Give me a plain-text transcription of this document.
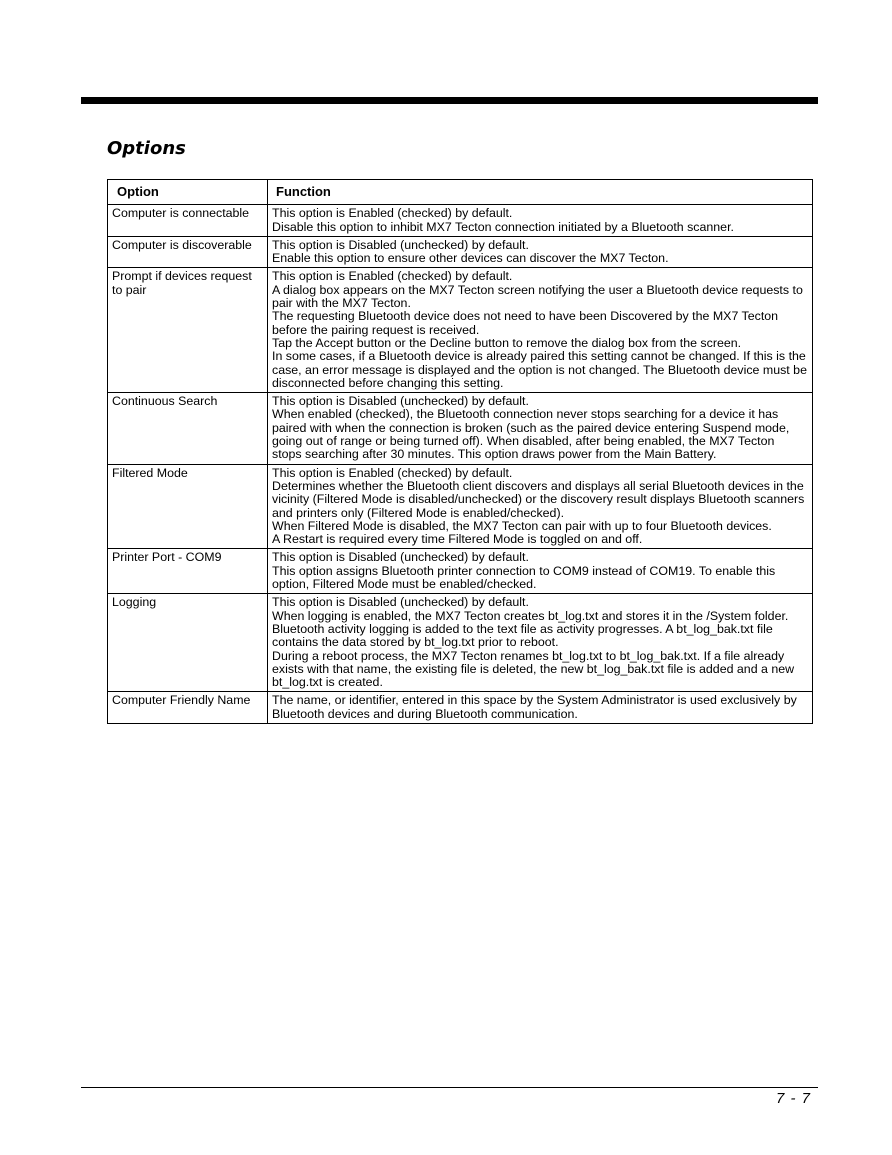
Options
Option	Function
Computer is connectable	This option is Enabled (checked) by default.

Disable this option to inhibit MX7 Tecton connection initiated by a Bluetooth scanner.

Computer is discoverable	This option is Disabled (unchecked) by default.

Enable this option to ensure other devices can discover the MX7 Tecton.

Prompt if devices request to pair	This option is Enabled (checked) by default.

A dialog box appears on the MX7 Tecton screen notifying the user a Bluetooth device requests to pair with the MX7 Tecton.

The requesting Bluetooth device does not need to have been Discovered by the MX7 Tecton before the pairing request is received.

Tap the Accept button or the Decline button to remove the dialog box from the screen.

In some cases, if a Bluetooth device is already paired this setting cannot be changed. If this is the case, an error message is displayed and the option is not changed. The Bluetooth device must be disconnected before changing this setting.

Continuous Search	This option is Disabled (unchecked) by default.

When enabled (checked), the Bluetooth connection never stops searching for a device it has paired with when the connection is broken (such as the paired device entering Suspend mode, going out of range or being turned off). When disabled, after being enabled, the MX7 Tecton stops searching after 30 minutes. This option draws power from the Main Battery.

Filtered Mode	This option is Enabled (checked) by default.

Determines whether the Bluetooth client discovers and displays all serial Bluetooth devices in the vicinity (Filtered Mode is disabled/unchecked) or the discovery result displays Bluetooth scanners and printers only (Filtered Mode is enabled/checked).

When Filtered Mode is disabled, the MX7 Tecton can pair with up to four Bluetooth devices.

A Restart is required every time Filtered Mode is toggled on and off.

Printer Port - COM9	This option is Disabled (unchecked) by default.

This option assigns Bluetooth printer connection to COM9 instead of COM19. To enable this option, Filtered Mode must be enabled/checked.

Logging	This option is Disabled (unchecked) by default.

When logging is enabled, the MX7 Tecton creates bt_log.txt and stores it in the /System folder. Bluetooth activity logging is added to the text file as activity progresses. A bt_log_bak.txt file contains the data stored by bt_log.txt prior to reboot.

During a reboot process, the MX7 Tecton renames bt_log.txt to bt_log_bak.txt. If a file already exists with that name, the existing file is deleted, the new bt_log_bak.txt file is added and a new bt_log.txt is created.

Computer Friendly Name	The name, or identifier, entered in this space by the System Administrator is used exclusively by Bluetooth devices and during Bluetooth communication.

7 - 7
